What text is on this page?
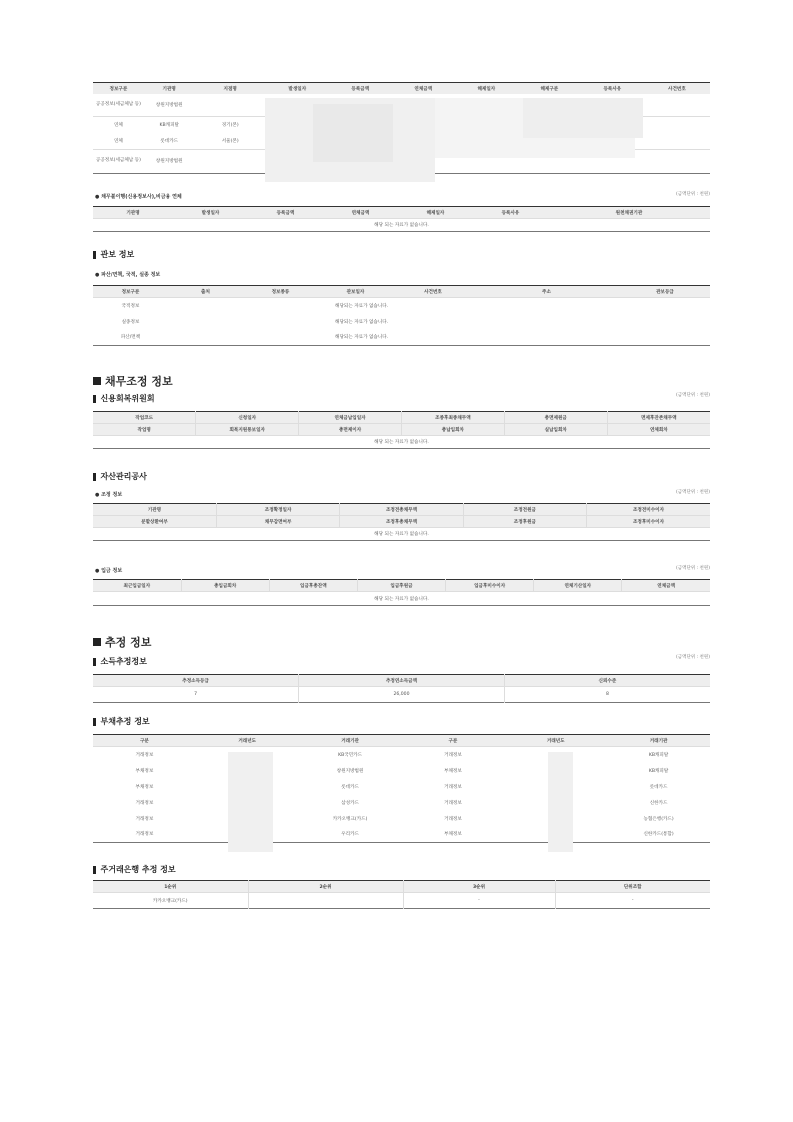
정보구분	기관명	지점명	발생일자	등록금액	연체금액	해제일자	해제구분	등록사유	사건번호
공공정보(세금체납 등)	창원지방법원								
연체	KB캐피탈	경기(본)							
연체	롯데카드	서울(본)							
공공정보(세금체납 등)	창원지방법원								
● 채무불이행(신용정보사),비금융 연체	(금액단위 : 천원)
기관명	발생일자	등록금액	연체금액	해제일자	등록사유	원천채권기관
해당 되는 자료가 없습니다.
관보 정보
● 파산/면책, 국적, 실종 정보
정보구분	출처	정보종류	관보일자	사건번호	주소	관보등급
국적정보	해당되는 자료가 없습니다.					
실종정보	해당되는 자료가 없습니다.					
파산/면책	해당되는 자료가 없습니다.					
채무조정 정보
신용회복위원회	(금액단위 : 천원)
작업코드	신청일자	연체금납입일자	조종후최종채무액	총면제원금	면제후잔존채무액
작업명	회복지원통보일자	총면제이자	총납입회차	실납입회차	연체회차
해당 되는 자료가 없습니다.					
자산관리공사
● 조정 정보	(금액단위 : 천원)
기관명	조정확정일자	조정전총채무액	조정전원금	조정전미수이자
분할상환여부	채무감면여부	조정후총채무액	조정후원금	조정후미수이자
해당 되는 자료가 없습니다.				
● 입금 정보	(금액단위 : 천원)
최근입금일자	총입금회차	입금후총잔액	입금후원금	입금후미수이자	연체기산일자	연체금액
해당 되는 자료가 없습니다.
추정 정보
소득추정정보	(금액단위 : 천원)
추정소득등급	추정연소득금액	신뢰수준
7	26,000	8
부채추정 정보
구분	거래년도	거래기관	구분	거래년도	거래기관
거래정보		KB국민카드	거래정보		KB캐피탈
부채정보		창원지방법원	부채정보		KB캐피탈
부채정보		롯데카드	거래정보		롯데카드
거래정보		삼성카드	거래정보		신한카드
거래정보		카카오뱅크(카드)	거래정보		농협은행(카드)
거래정보		우리카드	부채정보		신한카드(통합)
주거래은행 추정 정보
1순위	2순위	3순위	단위조합
카카오뱅크(카드)		-	-
